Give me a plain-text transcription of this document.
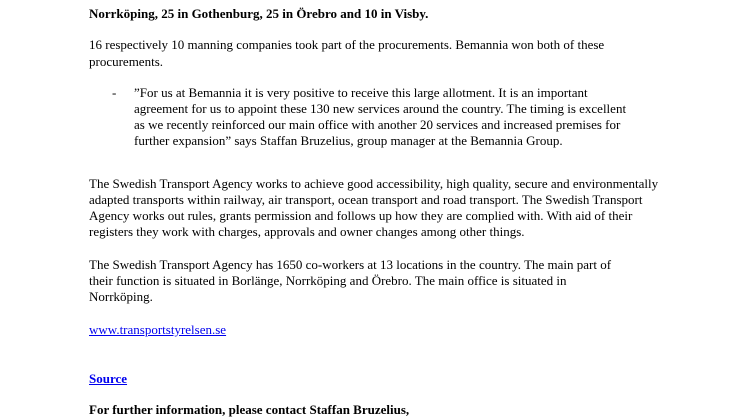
Norrköping, 25 in Gothenburg, 25 in Örebro and 10 in Visby.
16 respectively 10 manning companies took part of the procurements. Bemannia won both of these
procurements.
- ”For us at Bemannia it is very positive to receive this large allotment. It is an important
agreement for us to appoint these 130 new services around the country. The timing is excellent
as we recently reinforced our main office with another 20 services and increased premises for
further expansion” says Staffan Bruzelius, group manager at the Bemannia Group.
The Swedish Transport Agency works to achieve good accessibility, high quality, secure and environmentally
adapted transports within railway, air transport, ocean transport and road transport. The Swedish Transport
Agency works out rules, grants permission and follows up how they are complied with. With aid of their
registers they work with charges, approvals and owner changes among other things.
The Swedish Transport Agency has 1650 co-workers at 13 locations in the country. The main part of
their function is situated in Borlänge, Norrköping and Örebro. The main office is situated in
Norrköping.
www.transportstyrelsen.se
Source
For further information, please contact Staffan Bruzelius,
